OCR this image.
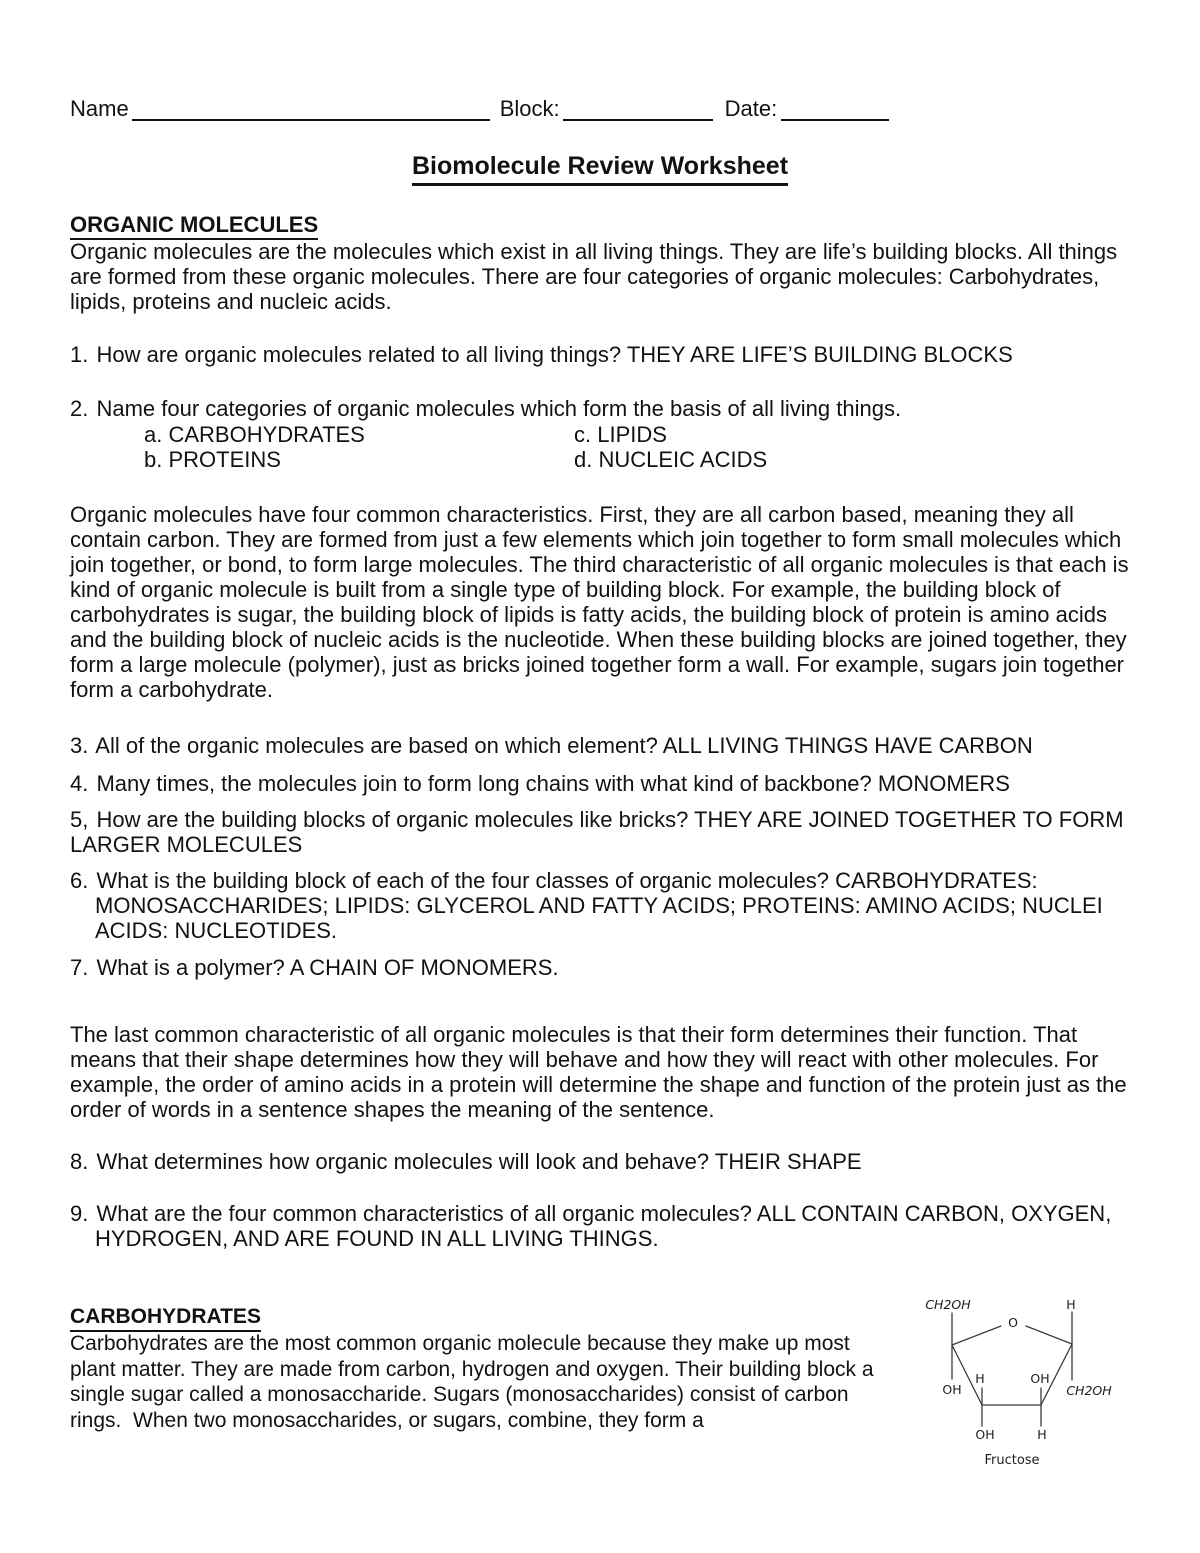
Name	Block:	Date:
Biomolecule Review Worksheet
ORGANIC MOLECULES

Organic molecules are the molecules which exist in all living things. They are life’s building blocks. All things are formed from these organic molecules. There are four categories of organic molecules: Carbohydrates, lipids, proteins and nucleic acids.

1. How are organic molecules related to all living things? THEY ARE LIFE’S BUILDING BLOCKS
2. Name four categories of organic molecules which form the basis of all living things.
a. CARBOHYDRATES	c. LIPIDS
b. PROTEINS	d. NUCLEIC ACIDS

Organic molecules have four common characteristics. First, they are all carbon based, meaning they all contain carbon. They are formed from just a few elements which join together to form small molecules which join together, or bond, to form large molecules. The third characteristic of all organic molecules is that each is kind of organic molecule is built from a single type of building block. For example, the building block of carbohydrates is sugar, the building block of lipids is fatty acids, the building block of protein is amino acids and the building block of nucleic acids is the nucleotide. When these building blocks are joined together, they form a large molecule (polymer), just as bricks joined together form a wall. For example, sugars join together form a carbohydrate.

3. All of the organic molecules are based on which element? ALL LIVING THINGS HAVE CARBON
4. Many times, the molecules join to form long chains with what kind of backbone? MONOMERS
5, How are the building blocks of organic molecules like bricks? THEY ARE JOINED TOGETHER TO FORM LARGER MOLECULES
6. What is the building block of each of the four classes of organic molecules? CARBOHYDRATES: MONOSACCHARIDES; LIPIDS: GLYCEROL AND FATTY ACIDS; PROTEINS: AMINO ACIDS; NUCLEI ACIDS: NUCLEOTIDES.
7. What is a polymer? A CHAIN OF MONOMERS.

The last common characteristic of all organic molecules is that their form determines their function. That means that their shape determines how they will behave and how they will react with other molecules. For example, the order of amino acids in a protein will determine the shape and function of the protein just as the order of words in a sentence shapes the meaning of the sentence.

8. What determines how organic molecules will look and behave? THEIR SHAPE
9. What are the four common characteristics of all organic molecules? ALL CONTAIN CARBON, OXYGEN, HYDROGEN, AND ARE FOUND IN ALL LIVING THINGS.
CARBOHYDRATES

Carbohydrates are the most common organic molecule because they make up most plant matter. They are made from carbon, hydrogen and oxygen. Their building block a single sugar called a monosaccharide. Sugars (monosaccharides) consist of carbon rings.  When two monosaccharides, or sugars, combine, they form a

CH2OH	H
O
OH
H	OH
CH2OH
OH	H
Fructose
